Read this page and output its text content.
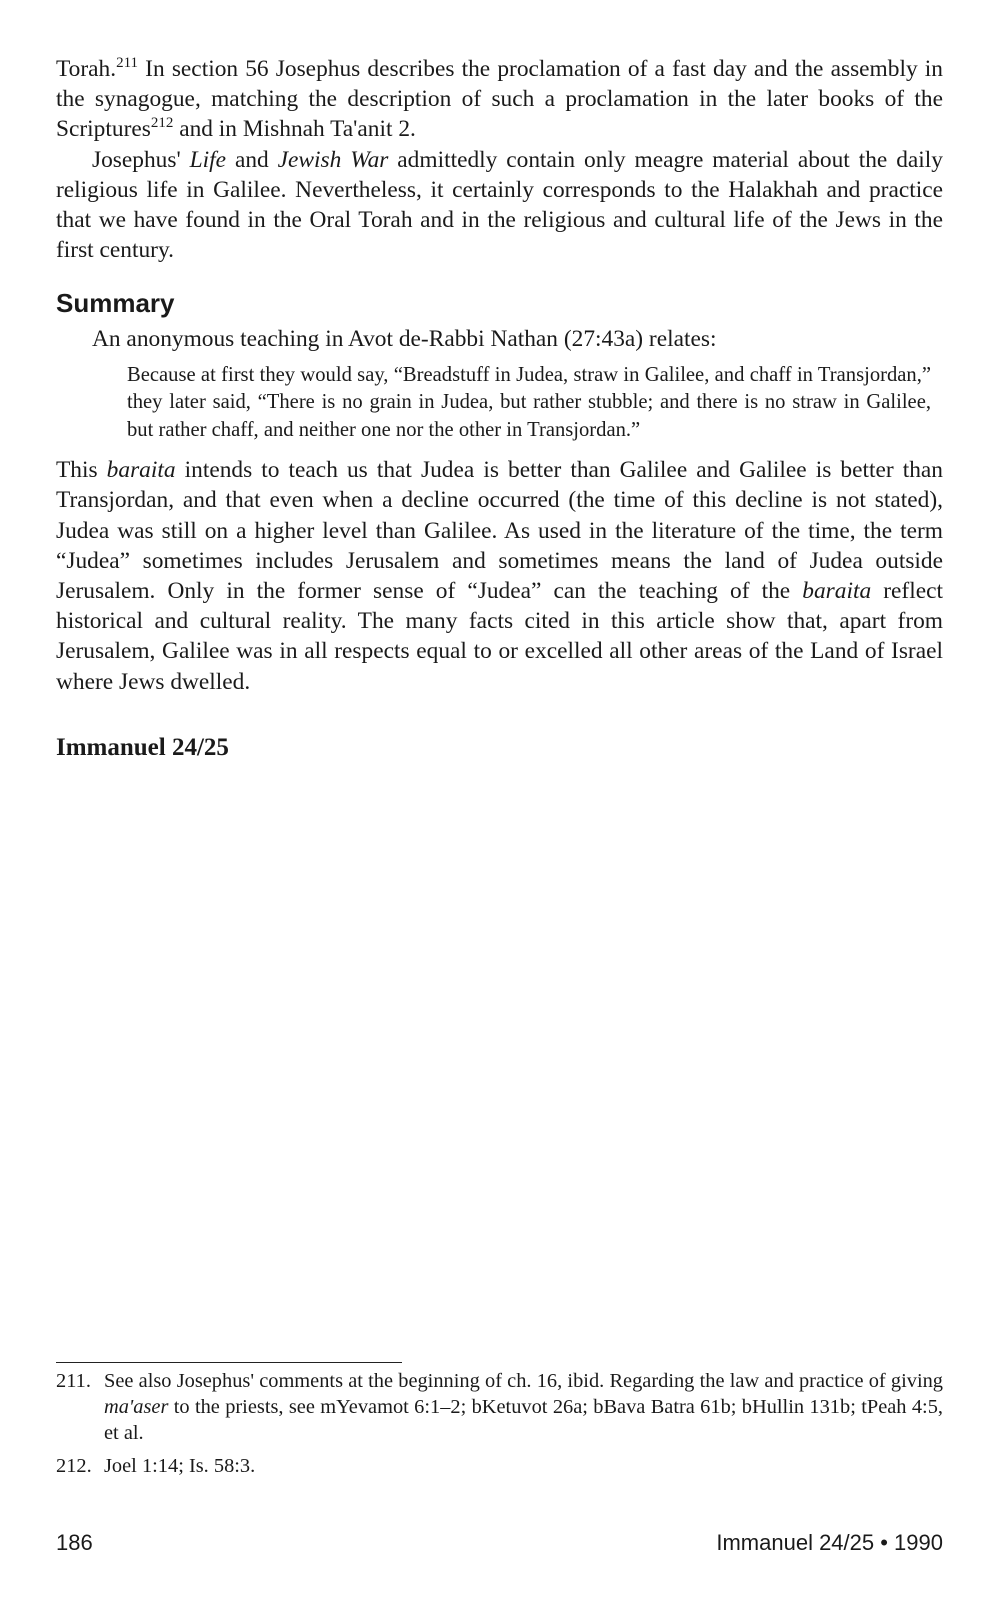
Torah.$^{211}$ In section 56 Josephus describes the proclamation of a fast day and the assembly in the synagogue, matching the description of such a proclamation in the later books of the Scriptures$^{212}$ and in Mishnah Ta'anit 2.

Josephus' Life and Jewish War admittedly contain only meagre material about the daily religious life in Galilee. Nevertheless, it certainly corresponds to the Halakhah and practice that we have found in the Oral Torah and in the religious and cultural life of the Jews in the first century.

Summary

An anonymous teaching in Avot de-Rabbi Nathan (27:43a) relates:

Because at first they would say, “Breadstuff in Judea, straw in Galilee, and chaff in Transjordan,” they later said, “There is no grain in Judea, but rather stubble; and there is no straw in Galilee, but rather chaff, and neither one nor the other in Transjordan.”

This baraita intends to teach us that Judea is better than Galilee and Galilee is better than Transjordan, and that even when a decline occurred (the time of this decline is not stated), Judea was still on a higher level than Galilee. As used in the literature of the time, the term “Judea” sometimes includes Jerusalem and sometimes means the land of Judea outside Jerusalem. Only in the former sense of “Judea” can the teaching of the baraita reflect historical and cultural reality. The many facts cited in this article show that, apart from Jerusalem, Galilee was in all respects equal to or excelled all other areas of the Land of Israel where Jews dwelled.

Immanuel 24/25

211. See also Josephus' comments at the beginning of ch. 16, ibid. Regarding the law and practice of giving ma'aser to the priests, see mYevamot 6:1–2; bKetuvot 26a; bBava Batra 61b; bHullin 131b; tPeah 4:5, et al.

212. Joel 1:14; Is. 58:3.

186	Immanuel 24/25 • 1990
